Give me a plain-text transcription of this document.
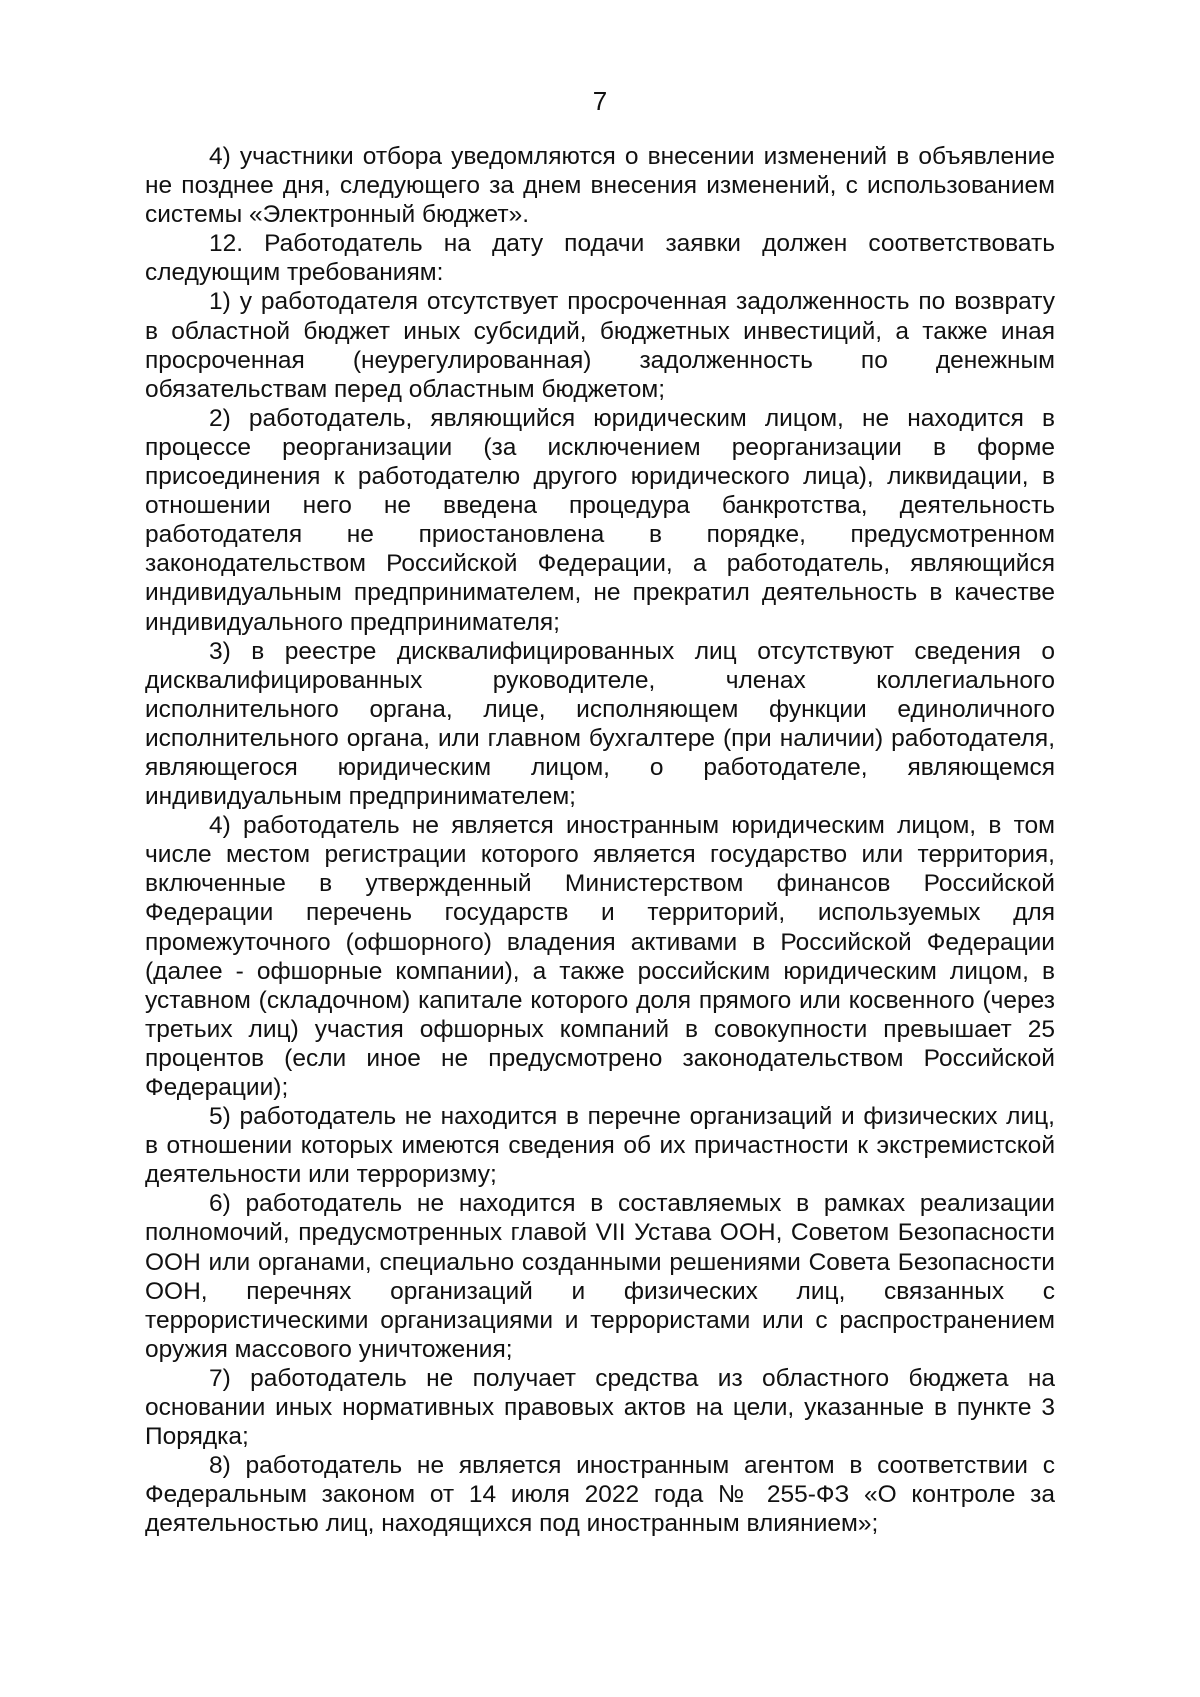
7

4) участники отбора уведомляются о внесении изменений в объявление не позднее дня, следующего за днем внесения изменений, с использованием системы «Электронный бюджет».

12. Работодатель на дату подачи заявки должен соответствовать следующим требованиям:

1) у работодателя отсутствует просроченная задолженность по возврату в областной бюджет иных субсидий, бюджетных инвестиций, а также иная просроченная (неурегулированная) задолженность по денежным обязательствам перед областным бюджетом;

2) работодатель, являющийся юридическим лицом, не находится в процессе реорганизации (за исключением реорганизации в форме присоединения к работодателю другого юридического лица), ликвидации, в отношении него не введена процедура банкротства, деятельность работодателя не приостановлена в порядке, предусмотренном законодательством Российской Федерации, а работодатель, являющийся индивидуальным предпринимателем, не прекратил деятельность в качестве индивидуального предпринимателя;

3) в реестре дисквалифицированных лиц отсутствуют сведения о дисквалифицированных руководителе, членах коллегиального исполнительного органа, лице, исполняющем функции единоличного исполнительного органа, или главном бухгалтере (при наличии) работодателя, являющегося юридическим лицом, о работодателе, являющемся индивидуальным предпринимателем;

4) работодатель не является иностранным юридическим лицом, в том числе местом регистрации которого является государство или территория, включенные в утвержденный Министерством финансов Российской Федерации перечень государств и территорий, используемых для промежуточного (офшорного) владения активами в Российской Федерации (далее - офшорные компании), а также российским юридическим лицом, в уставном (складочном) капитале которого доля прямого или косвенного (через третьих лиц) участия офшорных компаний в совокупности превышает 25 процентов (если иное не предусмотрено законодательством Российской Федерации);

5) работодатель не находится в перечне организаций и физических лиц, в отношении которых имеются сведения об их причастности к экстремистской деятельности или терроризму;

6) работодатель не находится в составляемых в рамках реализации полномочий, предусмотренных главой VII Устава ООН, Советом Безопасности ООН или органами, специально созданными решениями Совета Безопасности ООН, перечнях организаций и физических лиц, связанных с террористическими организациями и террористами или с распространением оружия массового уничтожения;

7) работодатель не получает средства из областного бюджета на основании иных нормативных правовых актов на цели, указанные в пункте 3 Порядка;

8) работодатель не является иностранным агентом в соответствии с Федеральным законом от 14 июля 2022 года № 255-ФЗ «О контроле за деятельностью лиц, находящихся под иностранным влиянием»;
